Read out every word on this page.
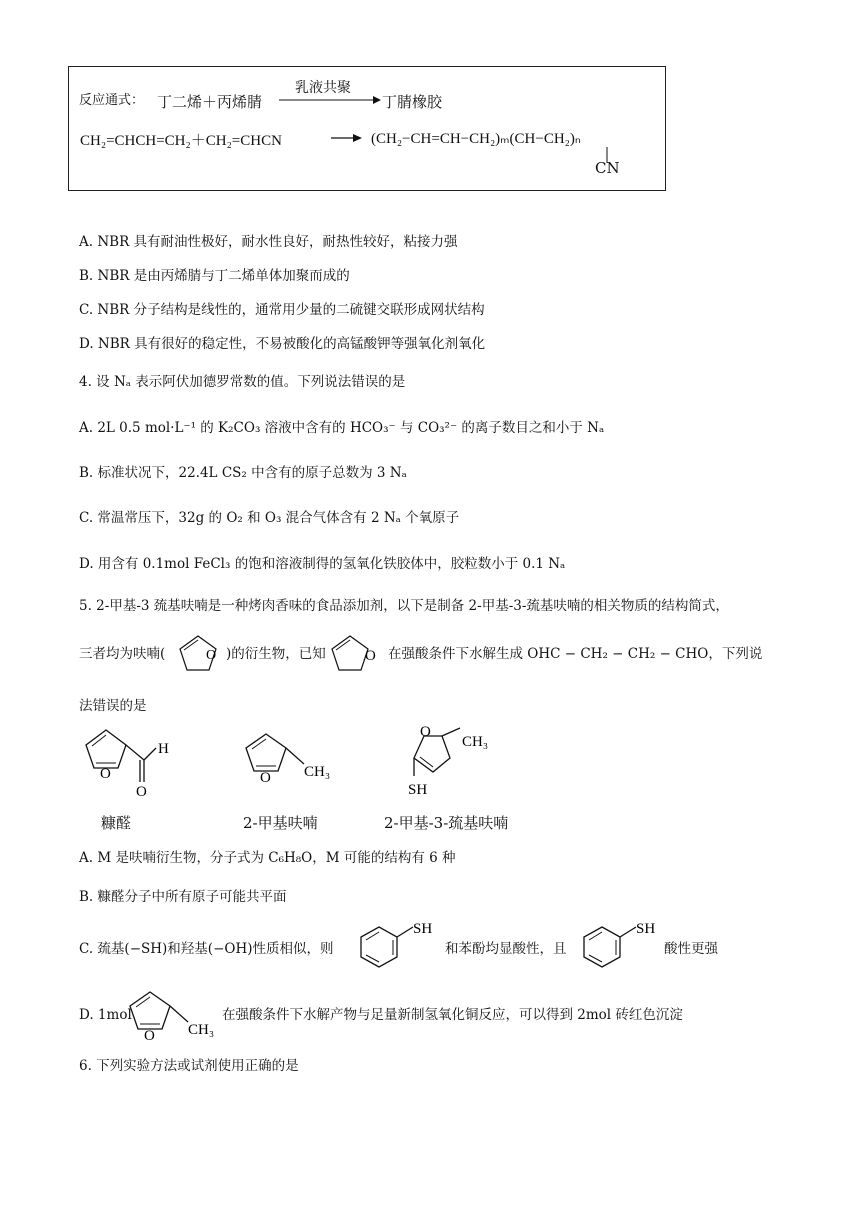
反应通式： 丁二烯＋丙烯腈
乳液共聚
丁腈橡胶
CH₂=CHCH=CH₂＋CH₂=CHCN	(CH₂−CH=CH−CH₂)ₘ(CH−CH₂)ₙ
CN
A. NBR 具有耐油性极好，耐水性良好，耐热性较好，粘接力强
B. NBR 是由丙烯腈与丁二烯单体加聚而成的
C. NBR 分子结构是线性的，通常用少量的二硫键交联形成网状结构
D. NBR 具有很好的稳定性，不易被酸化的高锰酸钾等强氧化剂氧化
4. 设 Nₐ 表示阿伏加德罗常数的值。下列说法错误的是
A. 2L 0.5 mol·L⁻¹ 的 K₂CO₃ 溶液中含有的 HCO₃⁻ 与 CO₃²⁻ 的离子数目之和小于 Nₐ
B. 标准状况下，22.4L CS₂ 中含有的原子总数为 3 Nₐ
C. 常温常压下，32g 的 O₂ 和 O₃ 混合气体含有 2 Nₐ 个氧原子
D. 用含有 0.1mol FeCl₃ 的饱和溶液制得的氢氧化铁胶体中，胶粒数小于 0.1 Nₐ
5. 2-甲基-3 巯基呋喃是一种烤肉香味的食品添加剂，以下是制备 2-甲基-3-巯基呋喃的相关物质的结构简式，
三者均为呋喃(	O )的衍生物，已知	O 在强酸条件下水解生成 OHC − CH₂ − CH₂ − CHO，下列说
法错误的是
O
H
O
O CH₃
O
CH₃
SH
糠醛	2-甲基呋喃	2-甲基-3-巯基呋喃
A. M 是呋喃衍生物，分子式为 C₆H₈O，M 可能的结构有 6 种
B. 糠醛分子中所有原子可能共平面
C. 巯基(−SH)和羟基(−OH)性质相似，则
SH
和苯酚均显酸性，且
SH
酸性更强
D. 1mol
O CH₃
在强酸条件下水解产物与足量新制氢氧化铜反应，可以得到 2mol 砖红色沉淀
6. 下列实验方法或试剂使用正确的是
